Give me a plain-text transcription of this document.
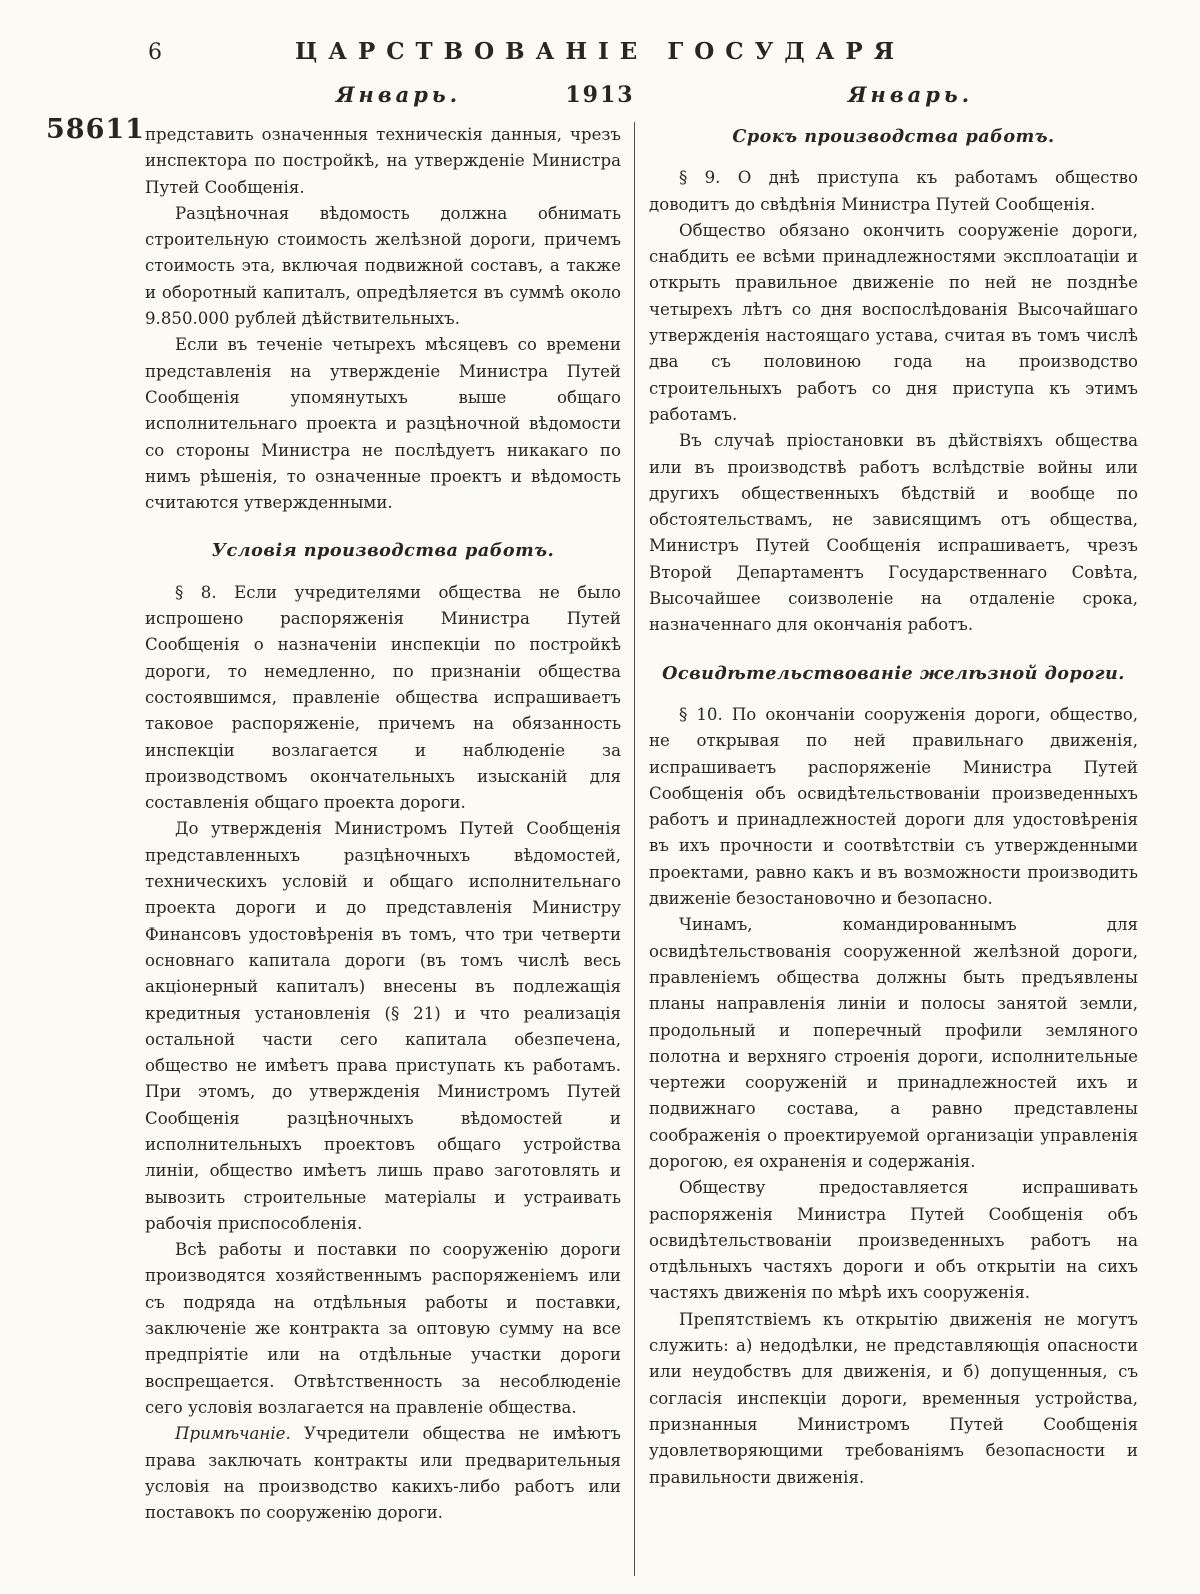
6	ЦАРСТВОВАНІЕ ГОСУДАРЯ
Январь.	1913	Январь.
58611 представить означенныя техническія данныя, чрезъ инспектора по постройкѣ, на утвержденіе Министра Путей Сообщенія.

Разцѣночная вѣдомость должна обнимать строительную стоимость желѣзной дороги, причемъ стоимость эта, включая подвижной составъ, а также и оборотный капиталъ, опредѣляется въ суммѣ около 9.850.000 рублей дѣйствительныхъ.

Если въ теченіе четырехъ мѣсяцевъ со времени представленія на утвержденіе Министра Путей Сообщенія упомянутыхъ выше общаго исполнительнаго проекта и разцѣночной вѣдомости со стороны Министра не послѣдуетъ никакаго по нимъ рѣшенія, то означенные проектъ и вѣдомость считаются утвержденными.

Условія производства работъ.

§ 8. Если учредителями общества не было испрошено распоряженія Министра Путей Сообщенія о назначеніи инспекціи по постройкѣ дороги, то немедленно, по признаніи общества состоявшимся, правленіе общества испрашиваетъ таковое распоряженіе, причемъ на обязанность инспекціи возлагается и наблюденіе за производствомъ окончательныхъ изысканій для составленія общаго проекта дороги.

До утвержденія Министромъ Путей Сообщенія представленныхъ разцѣночныхъ вѣдомостей, техническихъ условій и общаго исполнительнаго проекта дороги и до представленія Министру Финансовъ удостовѣренія въ томъ, что три четверти основнаго капитала дороги (въ томъ числѣ весь акціонерный капиталъ) внесены въ подлежащія кредитныя установленія (§ 21) и что реализація остальной части сего капитала обезпечена, общество не имѣетъ права приступать къ работамъ. При этомъ, до утвержденія Министромъ Путей Сообщенія разцѣночныхъ вѣдомостей и исполнительныхъ проектовъ общаго устройства линіи, общество имѣетъ лишь право заготовлять и вывозить строительные матеріалы и устраивать рабочія приспособленія.

Всѣ работы и поставки по сооруженію дороги производятся хозяйственнымъ распоряженіемъ или съ подряда на отдѣльныя работы и поставки, заключеніе же контракта за оптовую сумму на все предпріятіе или на отдѣльные участки дороги воспрещается. Отвѣтственность за несоблюденіе сего условія возлагается на правленіе общества.

Примѣчаніе. Учредители общества не имѣютъ права заключать контракты или предварительныя условія на производство какихъ-либо работъ или поставокъ по сооруженію дороги.

Срокъ производства работъ.

§ 9. О днѣ приступа къ работамъ общество доводитъ до свѣдѣнія Министра Путей Сообщенія.

Общество обязано окончить сооруженіе дороги, снабдить ее всѣми принадлежностями эксплоатаціи и открыть правильное движеніе по ней не позднѣе четырехъ лѣтъ со дня воспослѣдованія Высочайшаго утвержденія настоящаго устава, считая въ томъ числѣ два съ половиною года на производство строительныхъ работъ со дня приступа къ этимъ работамъ.

Въ случаѣ пріостановки въ дѣйствіяхъ общества или въ производствѣ работъ вслѣдствіе войны или другихъ общественныхъ бѣдствій и вообще по обстоятельствамъ, не зависящимъ отъ общества, Министръ Путей Сообщенія испрашиваетъ, чрезъ Второй Департаментъ Государственнаго Совѣта, Высочайшее соизволеніе на отдаленіе срока, назначеннаго для окончанія работъ.

Освидѣтельствованіе желѣзной дороги.

§ 10. По окончаніи сооруженія дороги, общество, не открывая по ней правильнаго движенія, испрашиваетъ распоряженіе Министра Путей Сообщенія объ освидѣтельствованіи произведенныхъ работъ и принадлежностей дороги для удостовѣренія въ ихъ прочности и соотвѣтствіи съ утвержденными проектами, равно какъ и въ возможности производить движеніе безостановочно и безопасно.

Чинамъ, командированнымъ для освидѣтельствованія сооруженной желѣзной дороги, правленіемъ общества должны быть предъявлены планы направленія линіи и полосы занятой земли, продольный и поперечный профили земляного полотна и верхняго строенія дороги, исполнительные чертежи сооруженій и принадлежностей ихъ и подвижнаго состава, а равно представлены соображенія о проектируемой организаціи управленія дорогою, ея охраненія и содержанія.

Обществу предоставляется испрашивать распоряженія Министра Путей Сообщенія объ освидѣтельствованіи произведенныхъ работъ на отдѣльныхъ частяхъ дороги и объ открытіи на сихъ частяхъ движенія по мѣрѣ ихъ сооруженія.

Препятствіемъ къ открытію движенія не могутъ служить: а) недодѣлки, не представляющія опасности или неудобствъ для движенія, и б) допущенныя, съ согласія инспекціи дороги, временныя устройства, признанныя Министромъ Путей Сообщенія удовлетворяющими требованіямъ безопасности и правильности движенія.
